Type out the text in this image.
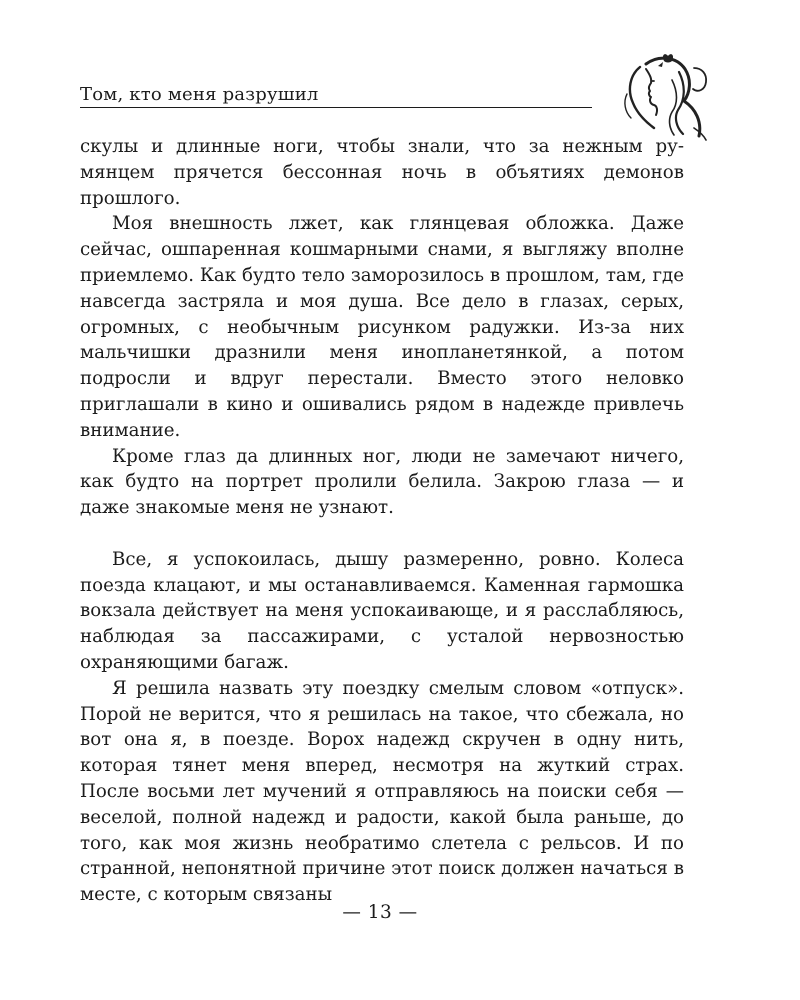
Том, кто меня разрушил

скулы и длинные ноги, чтобы знали, что за нежным румянцем прячется бессонная ночь в объятиях демонов прошлого.

Моя внешность лжет, как глянцевая обложка. Даже сейчас, ошпаренная кошмарными снами, я выгляжу вполне приемлемо. Как будто тело заморозилось в прошлом, там, где навсегда застряла и моя душа. Все дело в глазах, серых, огромных, с необычным рисунком радужки. Из-за них мальчишки дразнили меня инопланетянкой, а потом подросли и вдруг перестали. Вместо этого неловко приглашали в кино и ошивались рядом в надежде привлечь внимание.

Кроме глаз да длинных ног, люди не замечают ничего, как будто на портрет пролили белила. Закрою глаза — и даже знакомые меня не узнают.

Все, я успокоилась, дышу размеренно, ровно. Колеса поезда клацают, и мы останавливаемся. Каменная гармошка вокзала действует на меня успокаивающе, и я расслабляюсь, наблюдая за пассажирами, с усталой нервозностью охраняющими багаж.

Я решила назвать эту поездку смелым словом «отпуск». Порой не верится, что я решилась на такое, что сбежала, но вот она я, в поезде. Ворох надежд скручен в одну нить, которая тянет меня вперед, несмотря на жуткий страх. После восьми лет мучений я отправляюсь на поиски себя — веселой, полной надежд и радости, какой была раньше, до того, как моя жизнь необратимо слетела с рельсов. И по странной, непонятной причине этот поиск должен начаться в месте, с которым связаны

— 13 —
